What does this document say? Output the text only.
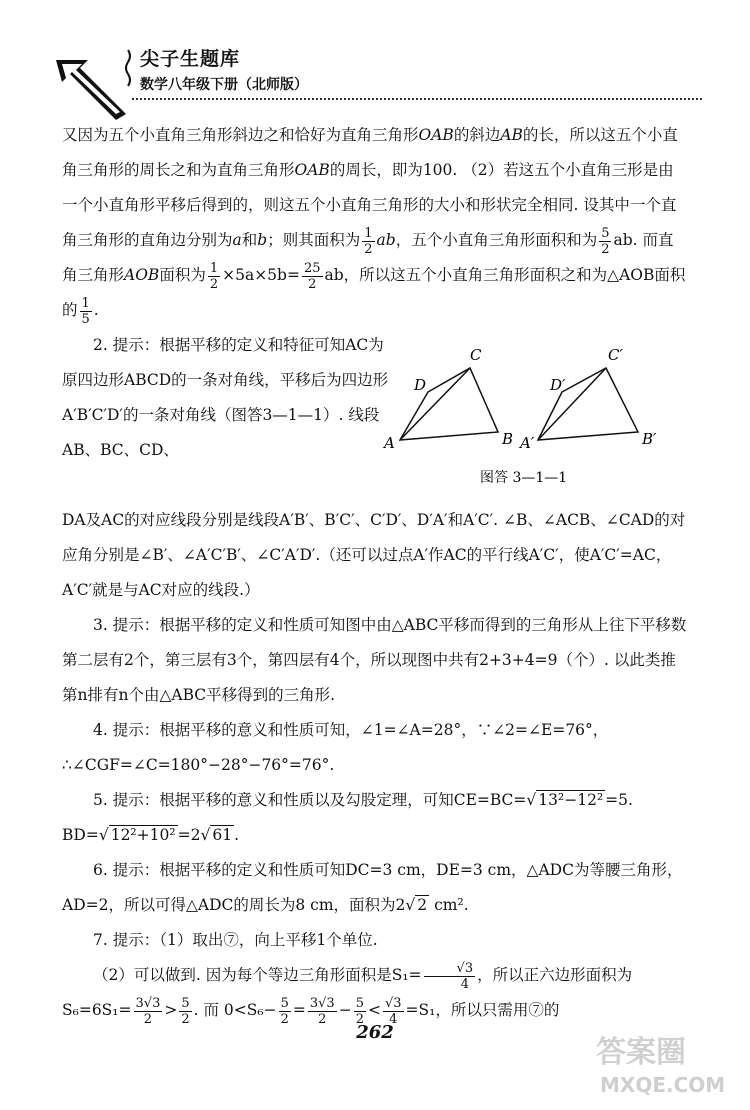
尖子生题库
数学八年级下册（北师版）

又因为五个小直角三角形斜边之和恰好为直角三角形OAB的斜边AB的长，所以这五个小直角三角形的周长之和为直角三角形OAB的周长，即为100. （2）若这五个小直角三形是由一个小直角形平移后得到的，则这五个小直角三角形的大小和形状完全相同. 设其中一个直角三角形的直角边分别为a和b；则其面积为 $\frac{1}{2}$ ab，五个小直角三角形面积和为 $\frac{5}{2}$ ab. 而直角三角形AOB面积为 $\frac{1}{2} \times 5a\times 5b= \frac{25}{2}$ ab，所以这五个小直角三角形面积之和为△AOB面积的 $\frac{1}{5}$ .

2. 提示：根据平移的定义和特征可知AC为原四边形ABCD的一条对角线，平移后为四边形A′B′C′D′的一条对角线（图答3—1—1）. 线段AB、BC、CD、	A
D
C
B A′
D′
C′
B′
图答 3—1—1

DA及AC的对应线段分别是线段A′B′、B′C′、C′D′、D′A′和A′C′. ∠B、∠ACB、∠CAD的对应角分别是∠B′、∠A′C′B′、∠C′A′D′.（还可以过点A′作AC的平行线A′C′，使A′C′=AC，A′C′就是与AC对应的线段.）

3. 提示：根据平移的定义和性质可知图中由△ABC平移而得到的三角形从上往下平移数第二层有2个，第三层有3个，第四层有4个，所以现图中共有2+3+4=9（个）. 以此类推第n排有n个由△ABC平移得到的三角形.

4. 提示：根据平移的意义和性质可知，∠1=∠A=28°，∵∠2=∠E=76°，

∴∠CGF=∠C=180°−28°−76°=76°.

5. 提示：根据平移的意义和性质以及勾股定理，可知CE=BC=√ 13²−12² =5.

BD=√ 12²+10² =2√ 61 .

6. 提示：根据平移的定义和性质可知DC=3 cm，DE=3 cm，△ADC为等腰三角形，AD=2，所以可得△ADC的周长为8 cm，面积为2√ 2 cm².

7. 提示：（1）取出⑦，向上平移1个单位.

（2）可以做到. 因为每个等边三角形面积是$S_1= \frac{√3}{4}$ ，所以正六边形面积为

$S_6=6S_1= \frac{3√3}{2} > \frac{5}{2}$ . 而 $0<S_6- \frac{5}{2} = \frac{3√3}{2} - \frac{5}{2} < \frac{√3}{4} =S_1$，所以只需用⑦的

262
答案圈
MXQE.COM
